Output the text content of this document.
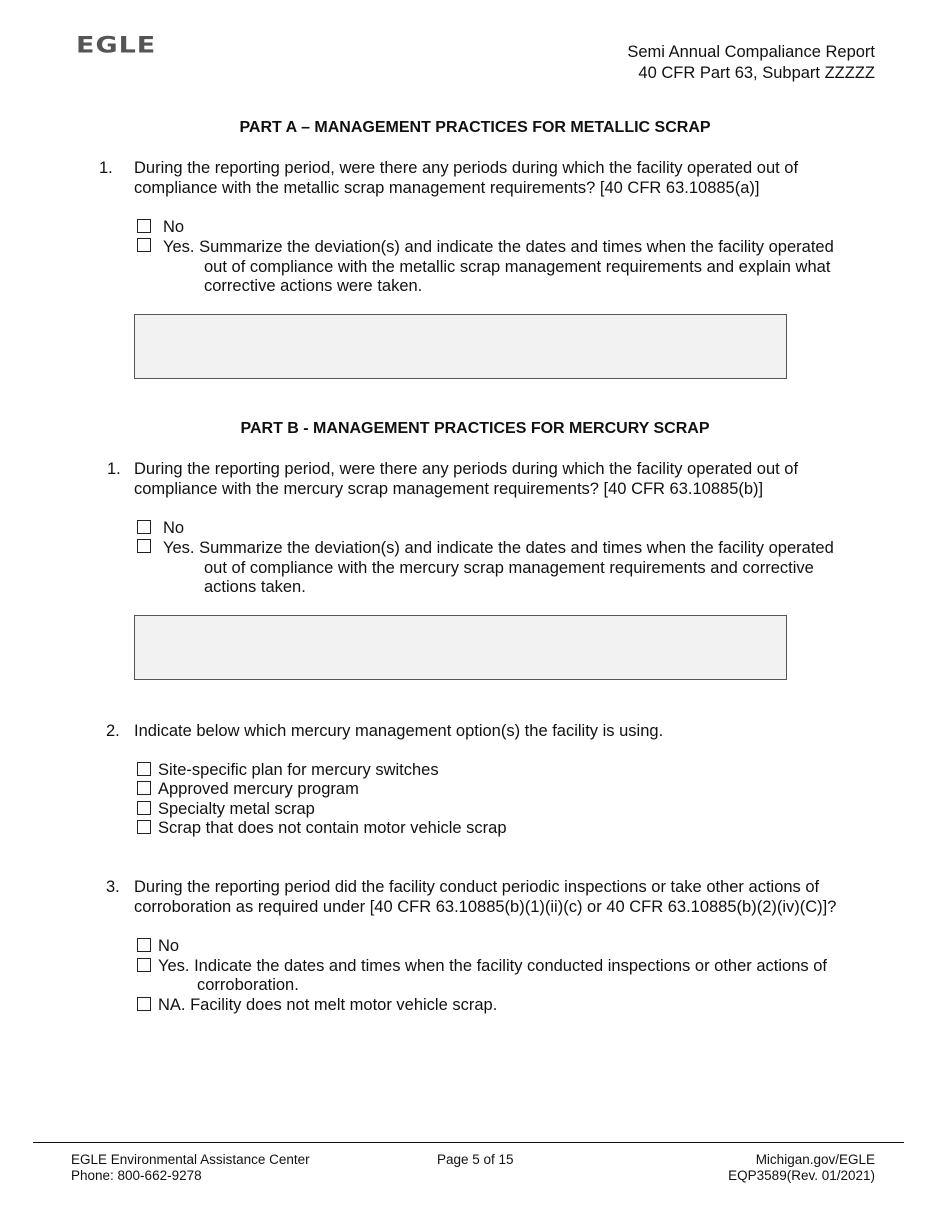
EGLE	Semi Annual Compaliance Report
40 CFR Part 63, Subpart ZZZZZ
PART A – MANAGEMENT PRACTICES FOR METALLIC SCRAP
1. During the reporting period, were there any periods during which the facility operated out of
compliance with the metallic scrap management requirements? [40 CFR 63.10885(a)]
No
Yes. Summarize the deviation(s) and indicate the dates and times when the facility operated
out of compliance with the metallic scrap management requirements and explain what
corrective actions were taken.
PART B - MANAGEMENT PRACTICES FOR MERCURY SCRAP
1. During the reporting period, were there any periods during which the facility operated out of
compliance with the mercury scrap management requirements? [40 CFR 63.10885(b)]
No
Yes. Summarize the deviation(s) and indicate the dates and times when the facility operated
out of compliance with the mercury scrap management requirements and corrective
actions taken.
2. Indicate below which mercury management option(s) the facility is using.
Site-specific plan for mercury switches
Approved mercury program
Specialty metal scrap
Scrap that does not contain motor vehicle scrap
3. During the reporting period did the facility conduct periodic inspections or take other actions of
corroboration as required under [40 CFR 63.10885(b)(1)(ii)(c) or 40 CFR 63.10885(b)(2)(iv)(C)]?
No
Yes. Indicate the dates and times when the facility conducted inspections or other actions of
corroboration.
NA. Facility does not melt motor vehicle scrap.
EGLE Environmental Assistance Center
Phone: 800-662-9278
Page 5 of 15	Michigan.gov/EGLE
EQP3589(Rev. 01/2021)
